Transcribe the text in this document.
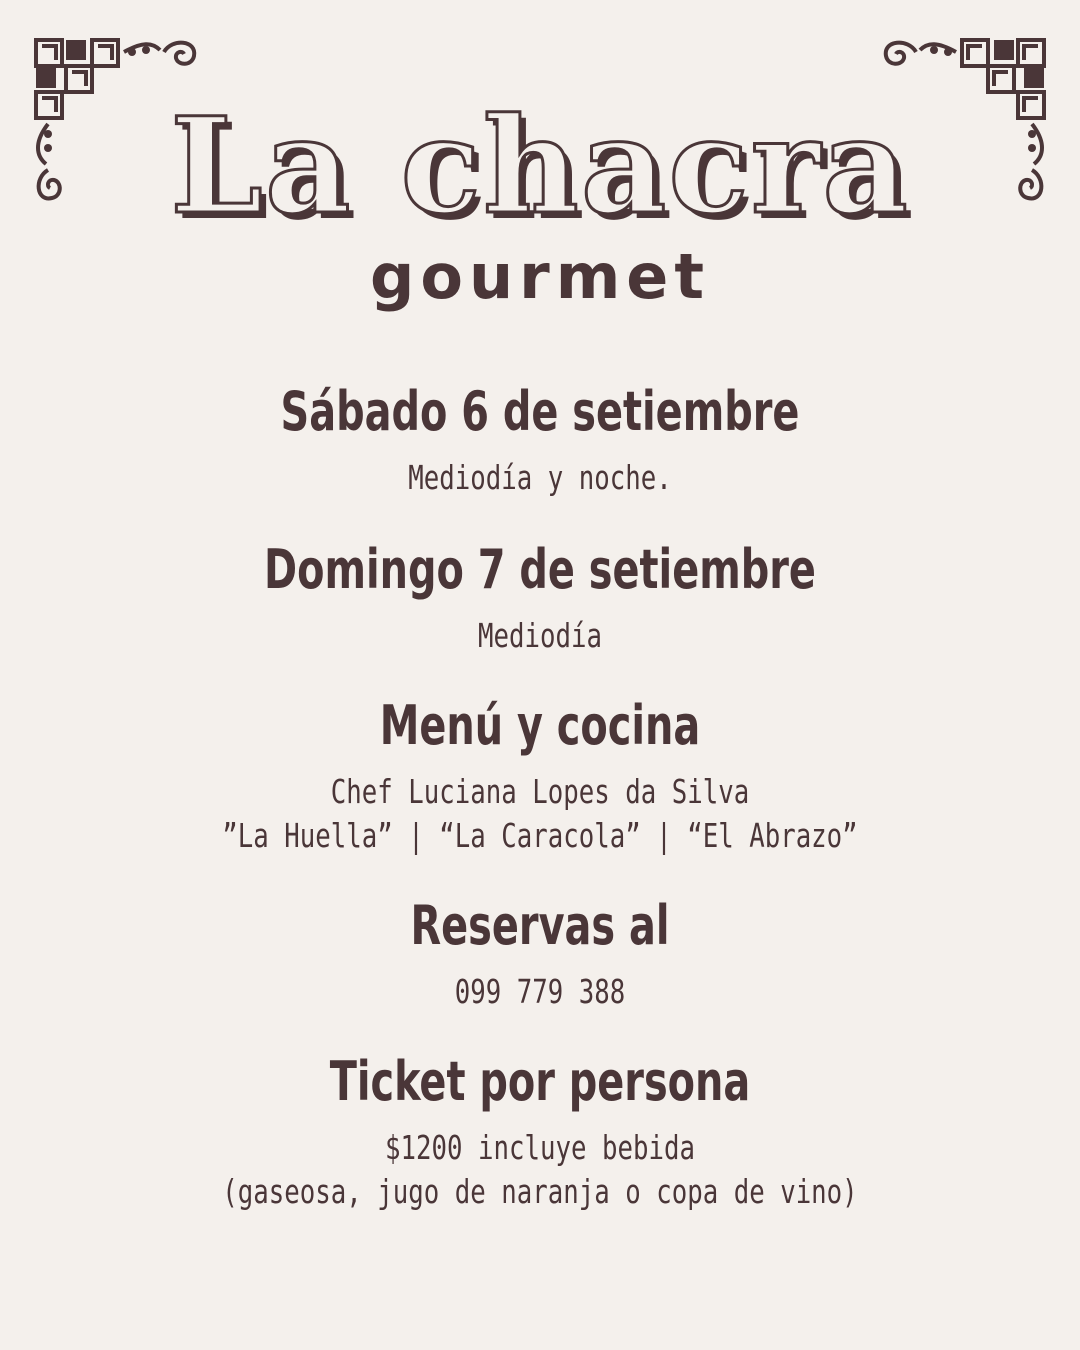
La chacra

gourmet

Sábado 6 de setiembre

Mediodía y noche.

Domingo 7 de setiembre

Mediodía

Menú y cocina

Chef Luciana Lopes da Silva

”La Huella” | “La Caracola” | “El Abrazo”

Reservas al

099 779 388

Ticket por persona

$1200 incluye bebida

(gaseosa, jugo de naranja o copa de vino)
